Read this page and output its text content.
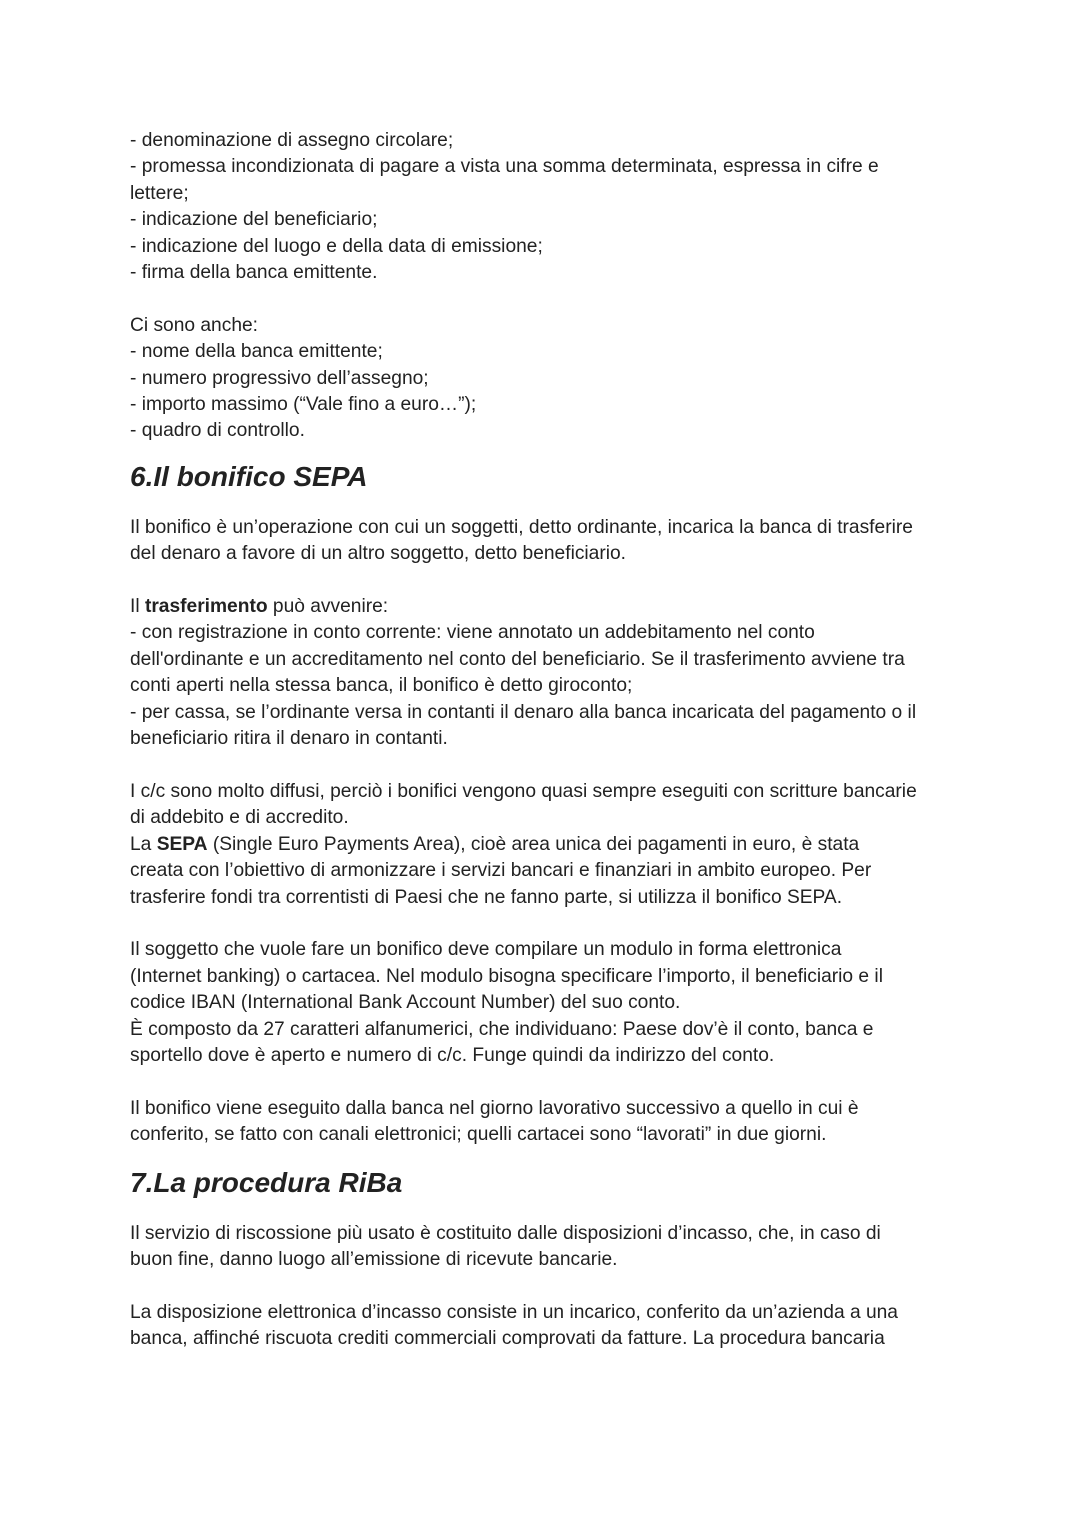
- denominazione di assegno circolare;

- promessa incondizionata di pagare a vista una somma determinata, espressa in cifre e

lettere;

- indicazione del beneficiario;

- indicazione del luogo e della data di emissione;

- firma della banca emittente.

Ci sono anche:

- nome della banca emittente;

- numero progressivo dell’assegno;

- importo massimo (“Vale fino a euro…”);

- quadro di controllo.

6.Il bonifico SEPA

Il bonifico è un’operazione con cui un soggetti, detto ordinante, incarica la banca di trasferire

del denaro a favore di un altro soggetto, detto beneficiario.

Il trasferimento può avvenire:

- con registrazione in conto corrente: viene annotato un addebitamento nel conto

dell'ordinante e un accreditamento nel conto del beneficiario. Se il trasferimento avviene tra

conti aperti nella stessa banca, il bonifico è detto giroconto;

- per cassa, se l’ordinante versa in contanti il denaro alla banca incaricata del pagamento o il

beneficiario ritira il denaro in contanti.

I c/c sono molto diffusi, perciò i bonifici vengono quasi sempre eseguiti con scritture bancarie

di addebito e di accredito.

La SEPA (Single Euro Payments Area), cioè area unica dei pagamenti in euro, è stata

creata con l’obiettivo di armonizzare i servizi bancari e finanziari in ambito europeo. Per

trasferire fondi tra correntisti di Paesi che ne fanno parte, si utilizza il bonifico SEPA.

Il soggetto che vuole fare un bonifico deve compilare un modulo in forma elettronica

(Internet banking) o cartacea. Nel modulo bisogna specificare l’importo, il beneficiario e il

codice IBAN (International Bank Account Number) del suo conto.

È composto da 27 caratteri alfanumerici, che individuano: Paese dov’è il conto, banca e

sportello dove è aperto e numero di c/c. Funge quindi da indirizzo del conto.

Il bonifico viene eseguito dalla banca nel giorno lavorativo successivo a quello in cui è

conferito, se fatto con canali elettronici; quelli cartacei sono “lavorati” in due giorni.

7.La procedura RiBa

Il servizio di riscossione più usato è costituito dalle disposizioni d’incasso, che, in caso di

buon fine, danno luogo all’emissione di ricevute bancarie.

La disposizione elettronica d’incasso consiste in un incarico, conferito da un’azienda a una

banca, affinché riscuota crediti commerciali comprovati da fatture. La procedura bancaria
